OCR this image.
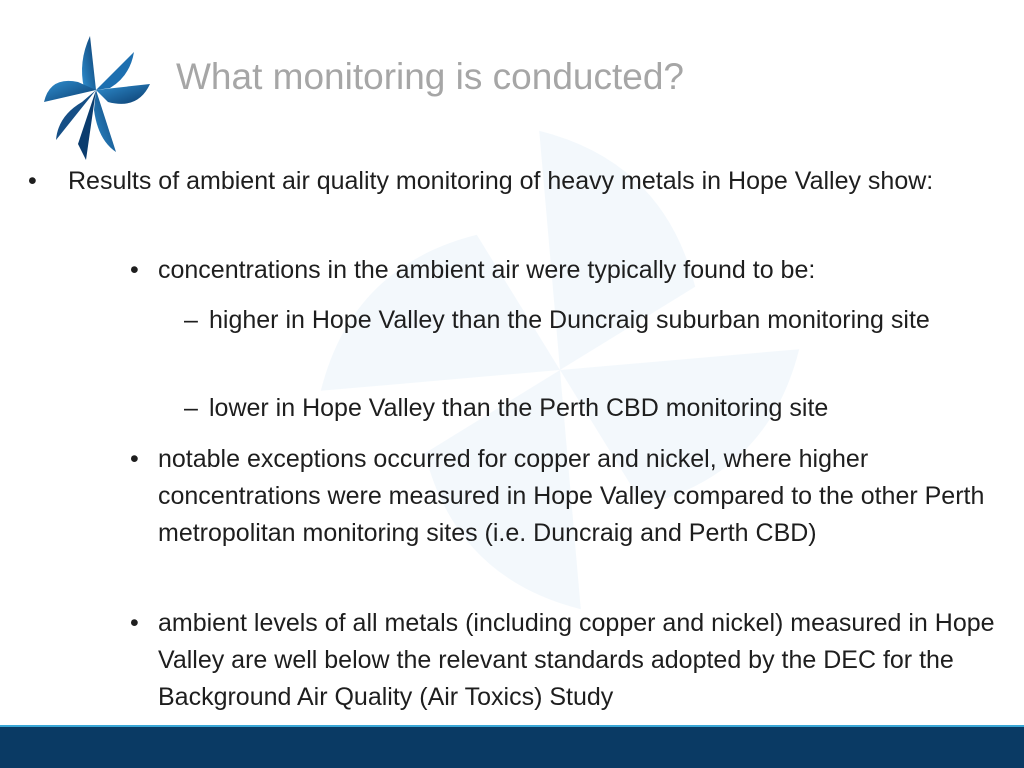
What monitoring is conducted?
• Results of ambient air quality monitoring of heavy metals in Hope Valley show:
• concentrations in the ambient air were typically found to be:
– higher in Hope Valley than the Duncraig suburban monitoring site
– lower in Hope Valley than the Perth CBD monitoring site
• notable exceptions occurred for copper and nickel, where higher concentrations were measured in Hope Valley compared to the other Perth metropolitan monitoring sites (i.e. Duncraig and Perth CBD)
• ambient levels of all metals (including copper and nickel) measured in Hope Valley are well below the relevant standards adopted by the DEC for the Background Air Quality (Air Toxics) Study
